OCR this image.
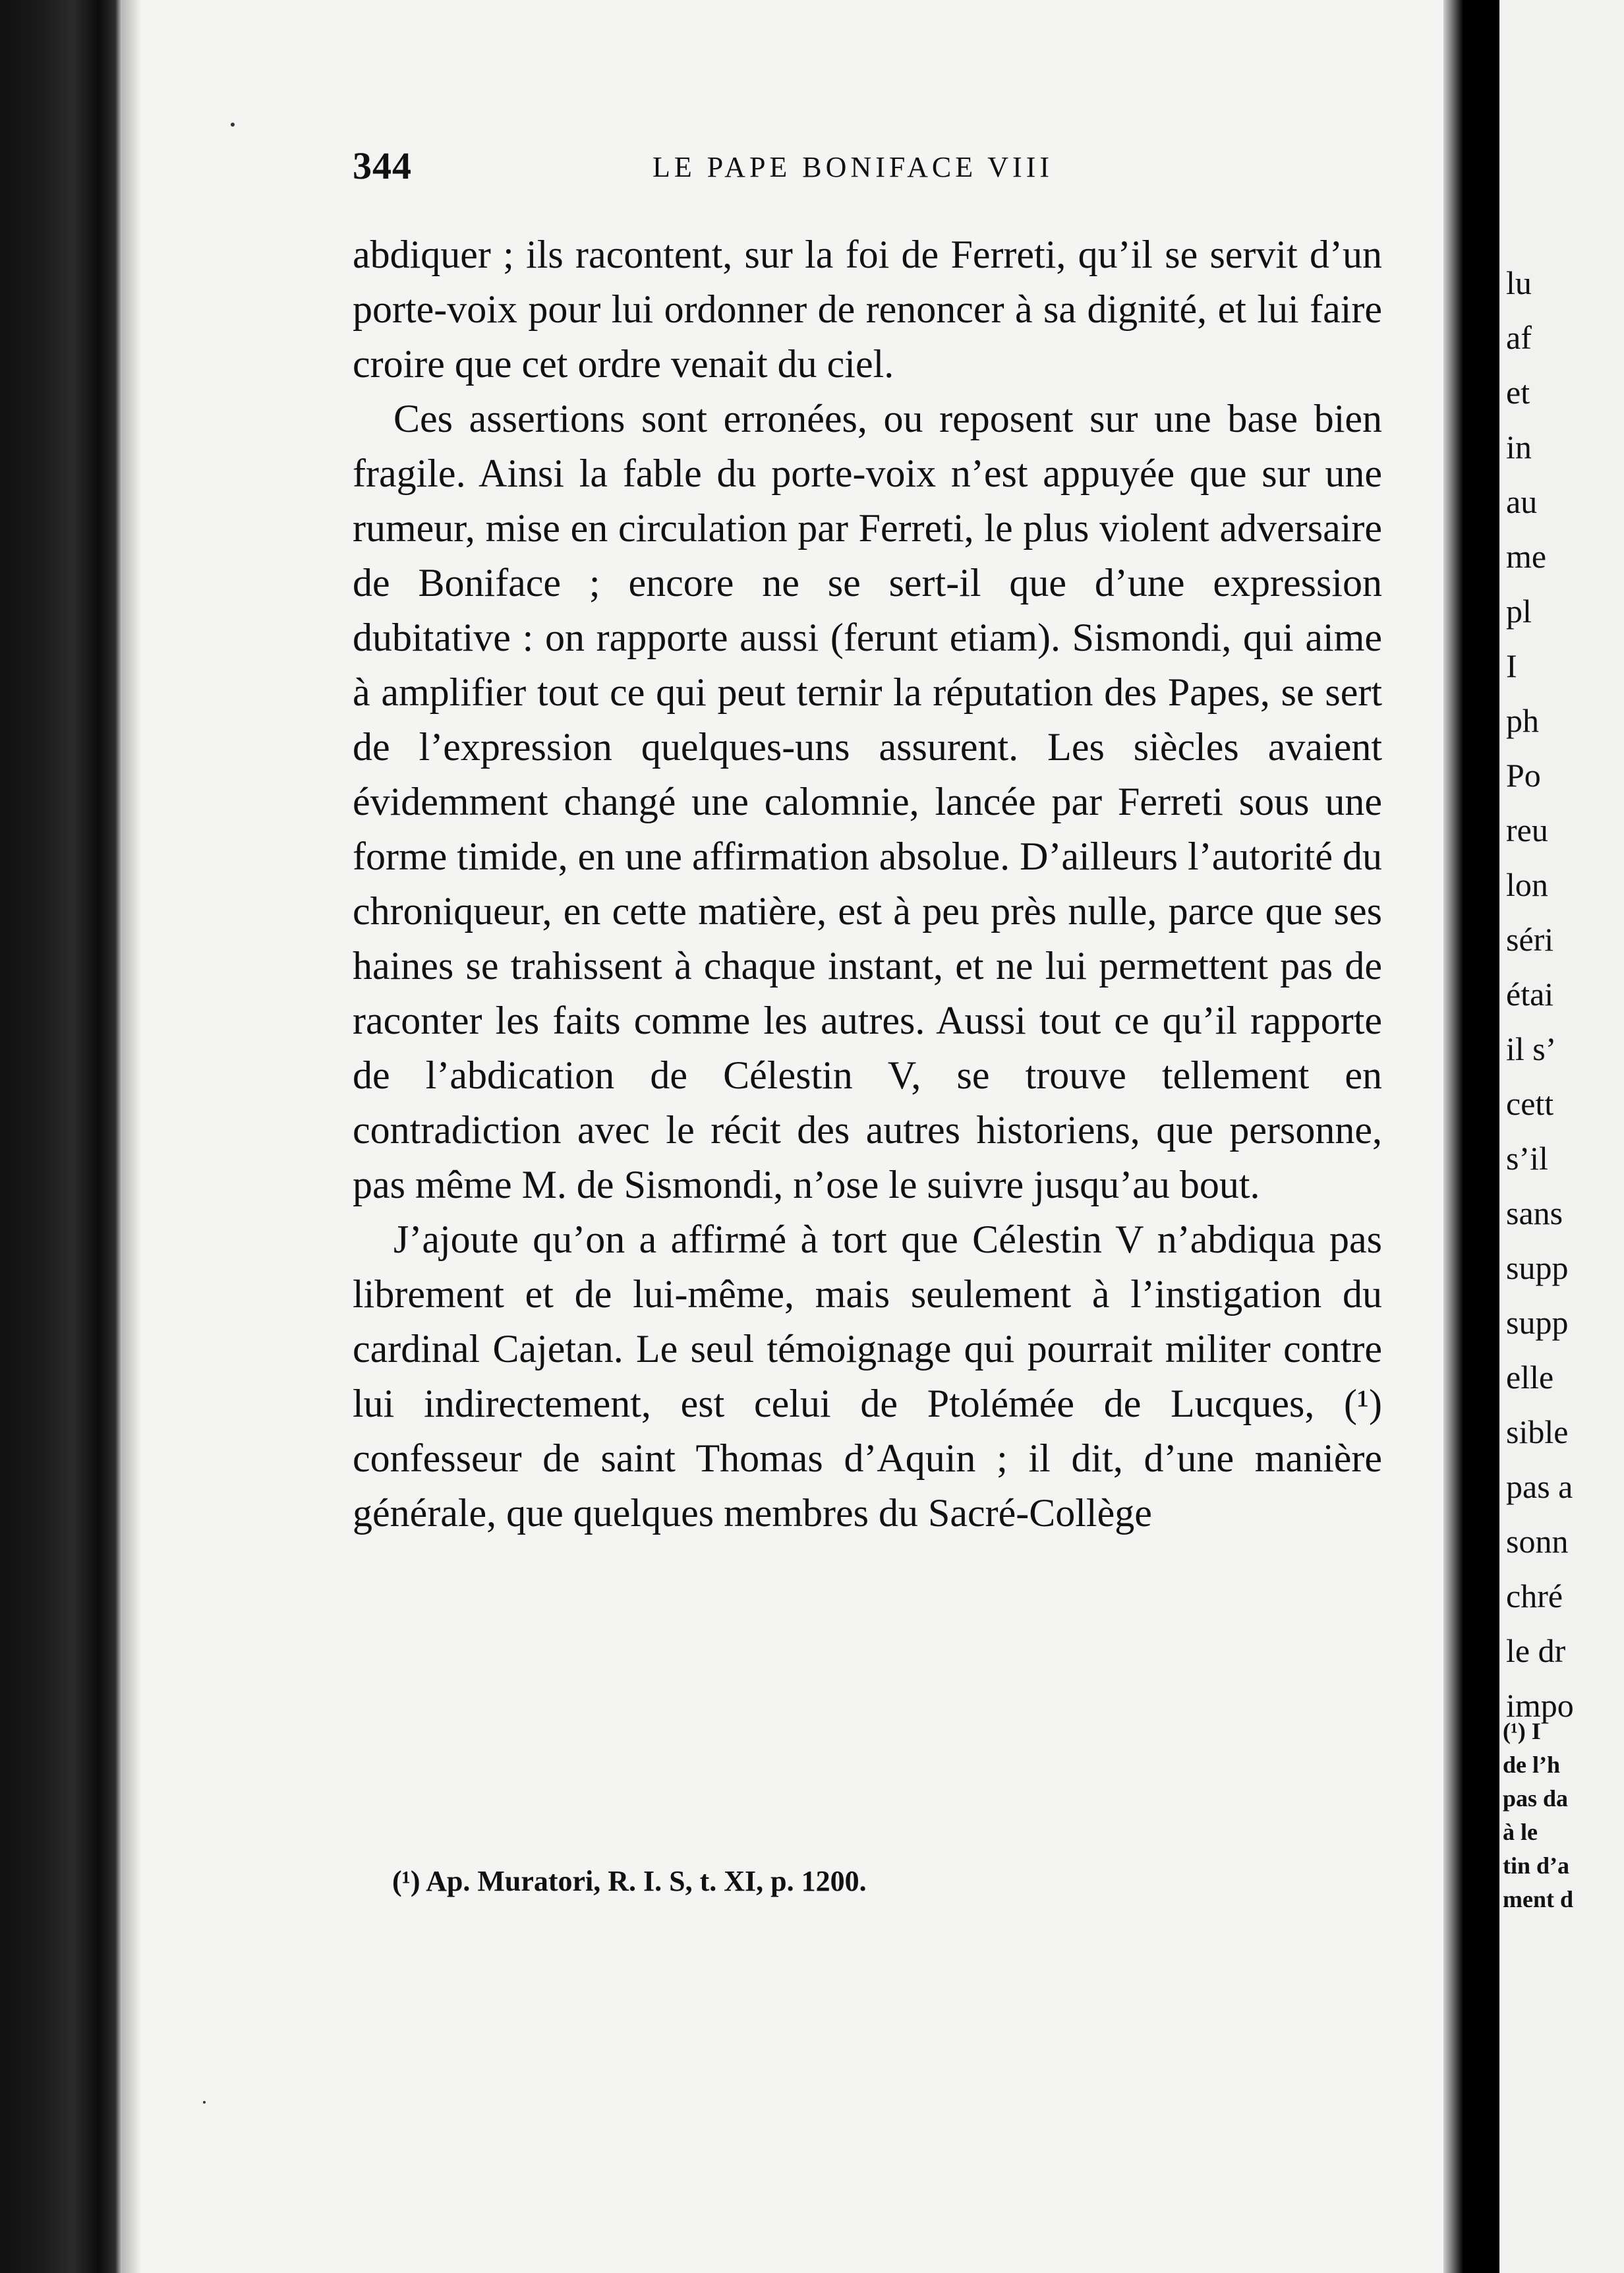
344	LE PAPE BONIFACE VIII

abdiquer ; ils racontent, sur la foi de Ferreti, qu’il se servit d’un porte-voix pour lui ordonner de renoncer à sa dignité, et lui faire croire que cet ordre venait du ciel.

Ces assertions sont erronées, ou reposent sur une base bien fragile. Ainsi la fable du porte-voix n’est appuyée que sur une rumeur, mise en circulation par Ferreti, le plus violent adversaire de Boniface ; encore ne se sert-il que d’une expression dubitative : on rapporte aussi (ferunt etiam). Sismondi, qui aime à amplifier tout ce qui peut ternir la réputation des Papes, se sert de l’expression quelques-uns assurent. Les siècles avaient évidemment changé une calomnie, lancée par Ferreti sous une forme timide, en une affirmation absolue. D’ailleurs l’autorité du chroniqueur, en cette matière, est à peu près nulle, parce que ses haines se trahissent à chaque instant, et ne lui permettent pas de raconter les faits comme les autres. Aussi tout ce qu’il rapporte de l’abdication de Célestin V, se trouve tellement en contradiction avec le récit des autres historiens, que personne, pas même M. de Sismondi, n’ose le suivre jusqu’au bout.

J’ajoute qu’on a affirmé à tort que Célestin V n’abdiqua pas librement et de lui-même, mais seulement à l’instigation du cardinal Cajetan. Le seul témoignage qui pourrait militer contre lui indirectement, est celui de Ptolémée de Lucques, (¹) confesseur de saint Thomas d’Aquin ; il dit, d’une manière générale, que quelques membres du Sacré-Collège

(¹) Ap. Muratori, R. I. S, t. XI, p. 1200.
lu
af
et
in
au
me
pl
I
ph
Po
reu
lon
séri
étai
il s’
cett
s’il
sans
supp
supp
elle
sible
pas a
sonn
chré
le dr
impo
(¹) I
de l’h
pas da
à le
tin d’a
ment d
